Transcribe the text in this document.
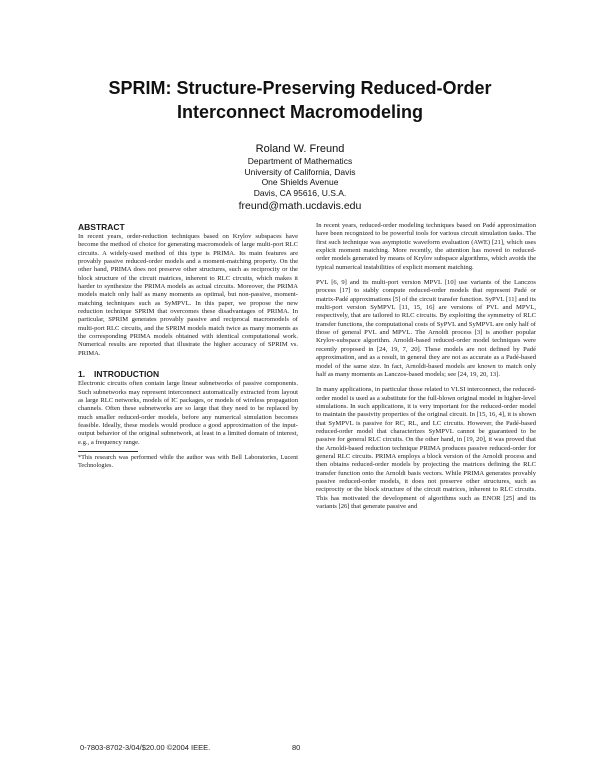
SPRIM: Structure-Preserving Reduced-Order
Interconnect Macromodeling
Roland W. Freund
Department of Mathematics
University of California, Davis
One Shields Avenue
Davis, CA 95616, U.S.A.
freund@math.ucdavis.edu
ABSTRACT

In recent years, order-reduction techniques based on Krylov subspaces have become the method of choice for generating macromodels of large multi-port RLC circuits. A widely-used method of this type is PRIMA. Its main features are provably passive reduced-order models and a moment-matching property. On the other hand, PRIMA does not preserve other structures, such as reciprocity or the block structure of the circuit matrices, inherent to RLC circuits, which makes it harder to synthesize the PRIMA models as actual circuits. Moreover, the PRIMA models match only half as many moments as optimal, but non-passive, moment-matching techniques such as SyMPVL. In this paper, we propose the new reduction technique SPRIM that overcomes these disadvantages of PRIMA. In particular, SPRIM generates provably passive and reciprocal macromodels of multi-port RLC circuits, and the SPRIM models match twice as many moments as the corresponding PRIMA models obtained with identical computational work. Numerical results are reported that illustrate the higher accuracy of SPRIM vs. PRIMA.

1. INTRODUCTION

Electronic circuits often contain large linear subnetworks of passive components. Such subnetworks may represent interconnect automatically extracted from layout as large RLC networks, models of IC packages, or models of wireless propagation channels. Often these subnetworks are so large that they need to be replaced by much smaller reduced-order models, before any numerical simulation becomes feasible. Ideally, these models would produce a good approximation of the input-output behavior of the original subnetwork, at least in a limited domain of interest, e.g., a frequency range.

*This research was performed while the author was with Bell Laboratories, Lucent Technologies.

In recent years, reduced-order modeling techniques based on Padé approximation have been recognized to be powerful tools for various circuit simulation tasks. The first such technique was asymptotic waveform evaluation (AWE) [21], which uses explicit moment matching. More recently, the attention has moved to reduced-order models generated by means of Krylov subspace algorithms, which avoids the typical numerical instabilities of explicit moment matching.

PVL [6, 9] and its multi-port version MPVL [10] use variants of the Lanczos process [17] to stably compute reduced-order models that represent Padé or matrix-Padé approximations [5] of the circuit transfer function. SyPVL [11] and its multi-port version SyMPVL [11, 15, 16] are versions of PVL and MPVL, respectively, that are tailored to RLC circuits. By exploiting the symmetry of RLC transfer functions, the computational costs of SyPVL and SyMPVL are only half of those of general PVL and MPVL. The Arnoldi process [3] is another popular Krylov-subspace algorithm. Arnoldi-based reduced-order model techniques were recently proposed in [24, 19, 7, 20]. These models are not defined by Padé approximation, and as a result, in general they are not as accurate as a Padé-based model of the same size. In fact, Arnoldi-based models are known to match only half as many moments as Lanczos-based models; see [24, 19, 20, 13].

In many applications, in particular those related to VLSI interconnect, the reduced-order model is used as a substitute for the full-blown original model in higher-level simulations. In such applications, it is very important for the reduced-order model to maintain the passivity properties of the original circuit. In [15, 16, 4], it is shown that SyMPVL is passive for RC, RL, and LC circuits. However, the Padé-based reduced-order model that characterizes SyMPVL cannot be guaranteed to be passive for general RLC circuits. On the other hand, in [19, 20], it was proved that the Arnoldi-based reduction technique PRIMA produces passive reduced-order for general RLC circuits. PRIMA employs a block version of the Arnoldi process and then obtains reduced-order models by projecting the matrices defining the RLC transfer function onto the Arnoldi basis vectors. While PRIMA generates provably passive reduced-order models, it does not preserve other structures, such as reciprocity or the block structure of the circuit matrices, inherent to RLC circuits. This has motivated the development of algorithms such as ENOR [25] and its variants [26] that generate passive and

0-7803-8702-3/04/$20.00 ©2004 IEEE.	80
